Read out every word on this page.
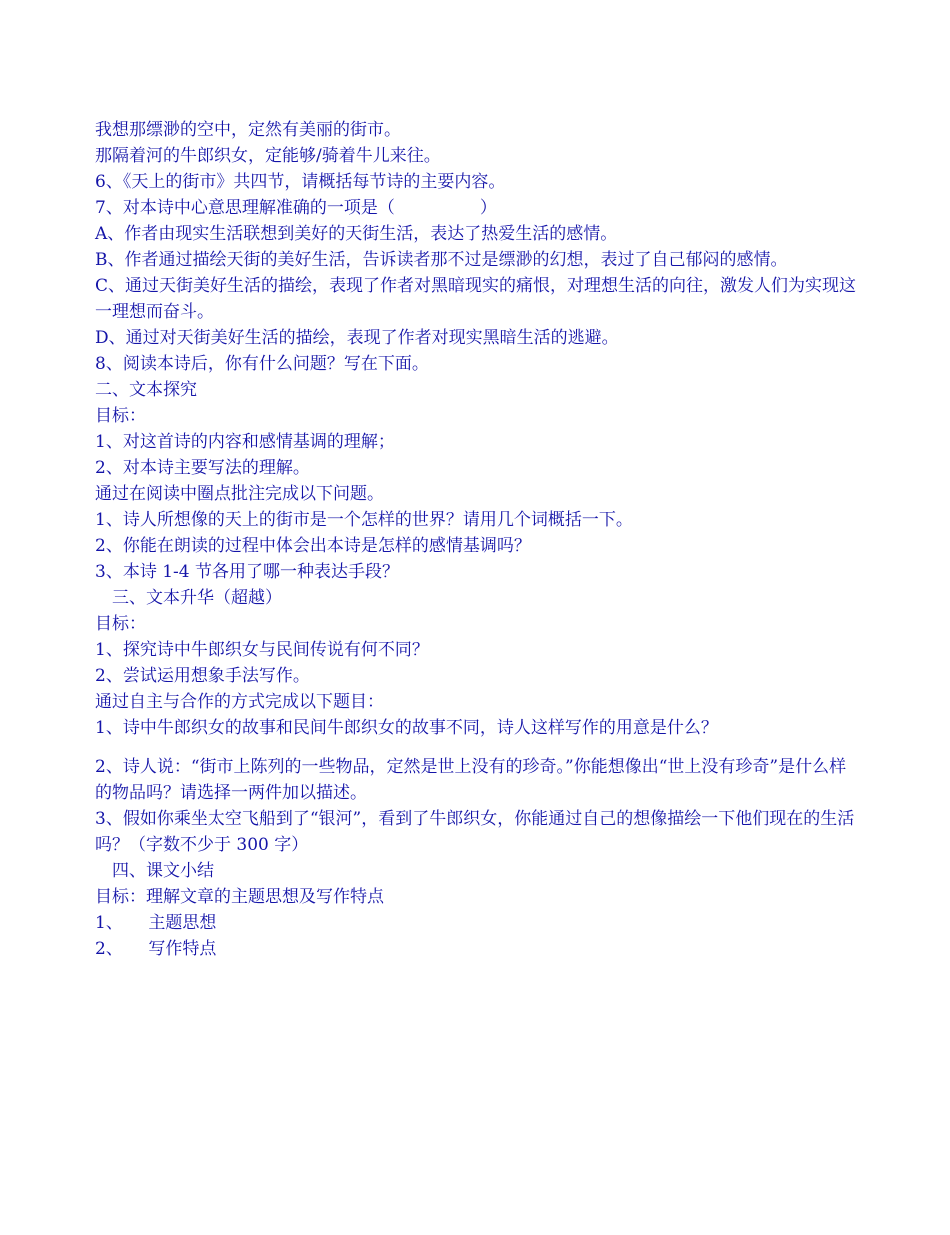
我想那缥渺的空中，定然有美丽的街市。

那隔着河的牛郎织女，定能够/骑着牛儿来往。

6、《天上的街市》共四节，请概括每节诗的主要内容。

7、对本诗中心意思理解准确的一项是（　　　　　）

A、作者由现实生活联想到美好的天街生活，表达了热爱生活的感情。

B、作者通过描绘天街的美好生活，告诉读者那不过是缥渺的幻想，表过了自己郁闷的感情。

C、通过天街美好生活的描绘，表现了作者对黑暗现实的痛恨，对理想生活的向往，激发人们为实现这一理想而奋斗。

D、通过对天街美好生活的描绘，表现了作者对现实黑暗生活的逃避。

8、阅读本诗后，你有什么问题？写在下面。

二、文本探究

目标：

1、对这首诗的内容和感情基调的理解；

2、对本诗主要写法的理解。

通过在阅读中圈点批注完成以下问题。

1、诗人所想像的天上的街市是一个怎样的世界？请用几个词概括一下。

2、你能在朗读的过程中体会出本诗是怎样的感情基调吗？

3、本诗 1-4 节各用了哪一种表达手段？

　三、文本升华（超越）

目标：

1、探究诗中牛郎织女与民间传说有何不同？

2、尝试运用想象手法写作。

通过自主与合作的方式完成以下题目：

1、诗中牛郎织女的故事和民间牛郎织女的故事不同，诗人这样写作的用意是什么？

2、诗人说：“街市上陈列的一些物品，定然是世上没有的珍奇。”你能想像出“世上没有珍奇”是什么样的物品吗？请选择一两件加以描述。

3、假如你乘坐太空飞船到了“银河”，看到了牛郎织女，你能通过自己的想像描绘一下他们现在的生活吗？（字数不少于 300 字）

　四、课文小结

目标：理解文章的主题思想及写作特点

1、　　主题思想

2、　　写作特点
